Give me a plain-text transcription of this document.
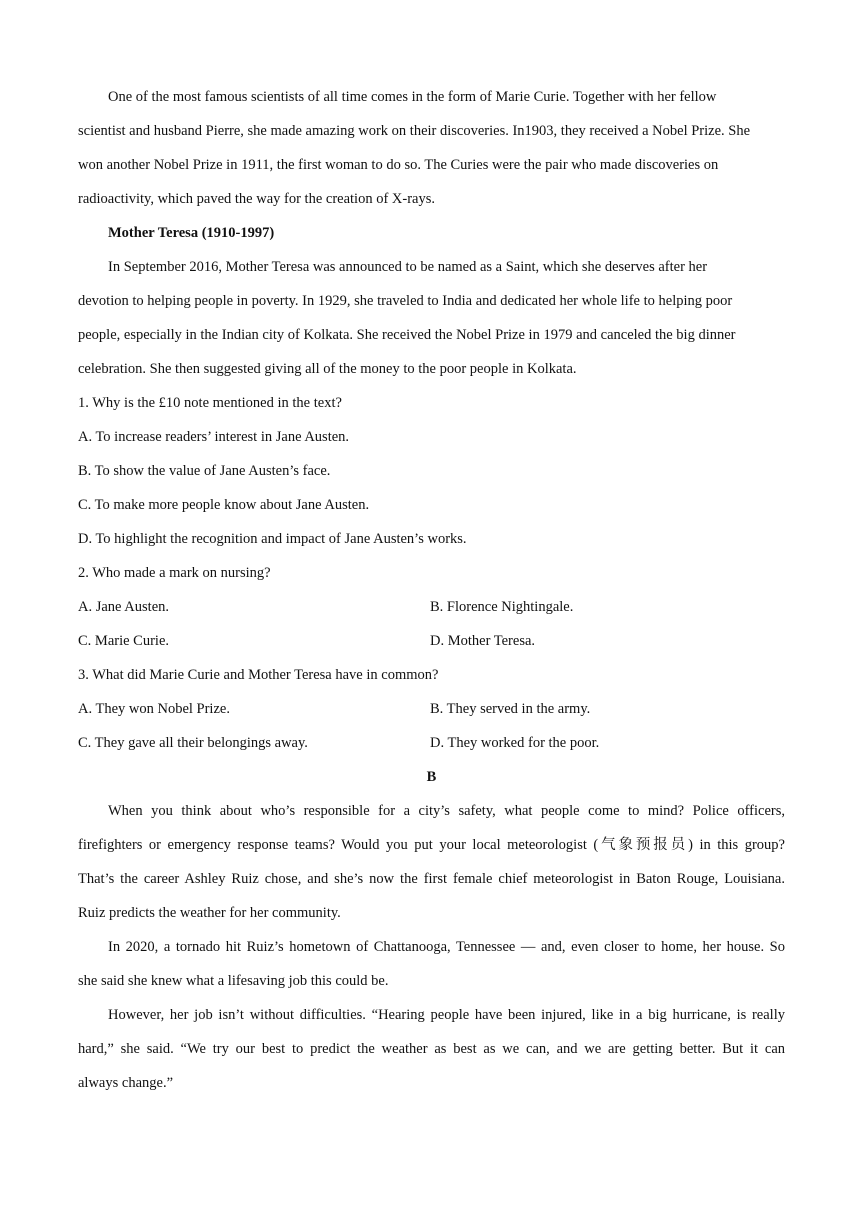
One of the most famous scientists of all time comes in the form of Marie Curie. Together with her fellow
scientist and husband Pierre, she made amazing work on their discoveries. In1903, they received a Nobel Prize. She
won another Nobel Prize in 1911, the first woman to do so. The Curies were the pair who made discoveries on
radioactivity, which paved the way for the creation of X-rays.
Mother Teresa (1910-1997)
In September 2016, Mother Teresa was announced to be named as a Saint, which she deserves after her
devotion to helping people in poverty. In 1929, she traveled to India and dedicated her whole life to helping poor
people, especially in the Indian city of Kolkata. She received the Nobel Prize in 1979 and canceled the big dinner
celebration. She then suggested giving all of the money to the poor people in Kolkata.
1. Why is the £10 note mentioned in the text?
A. To increase readers’ interest in Jane Austen.
B. To show the value of Jane Austen’s face.
C. To make more people know about Jane Austen.
D. To highlight the recognition and impact of Jane Austen’s works.
2. Who made a mark on nursing?
A. Jane Austen.	B. Florence Nightingale.
C. Marie Curie.	D. Mother Teresa.
3. What did Marie Curie and Mother Teresa have in common?
A. They won Nobel Prize.	B. They served in the army.
C. They gave all their belongings away.	D. They worked for the poor.
B
When you think about who’s responsible for a city’s safety, what people come to mind? Police officers,
firefighters or emergency response teams? Would you put your local meteorologist (气象预报员) in this group?
That’s the career Ashley Ruiz chose, and she’s now the first female chief meteorologist in Baton Rouge, Louisiana.
Ruiz predicts the weather for her community.
In 2020, a tornado hit Ruiz’s hometown of Chattanooga, Tennessee — and, even closer to home, her house. So
she said she knew what a lifesaving job this could be.
However, her job isn’t without difficulties. “Hearing people have been injured, like in a big hurricane, is really
hard,” she said. “We try our best to predict the weather as best as we can, and we are getting better. But it can
always change.”
